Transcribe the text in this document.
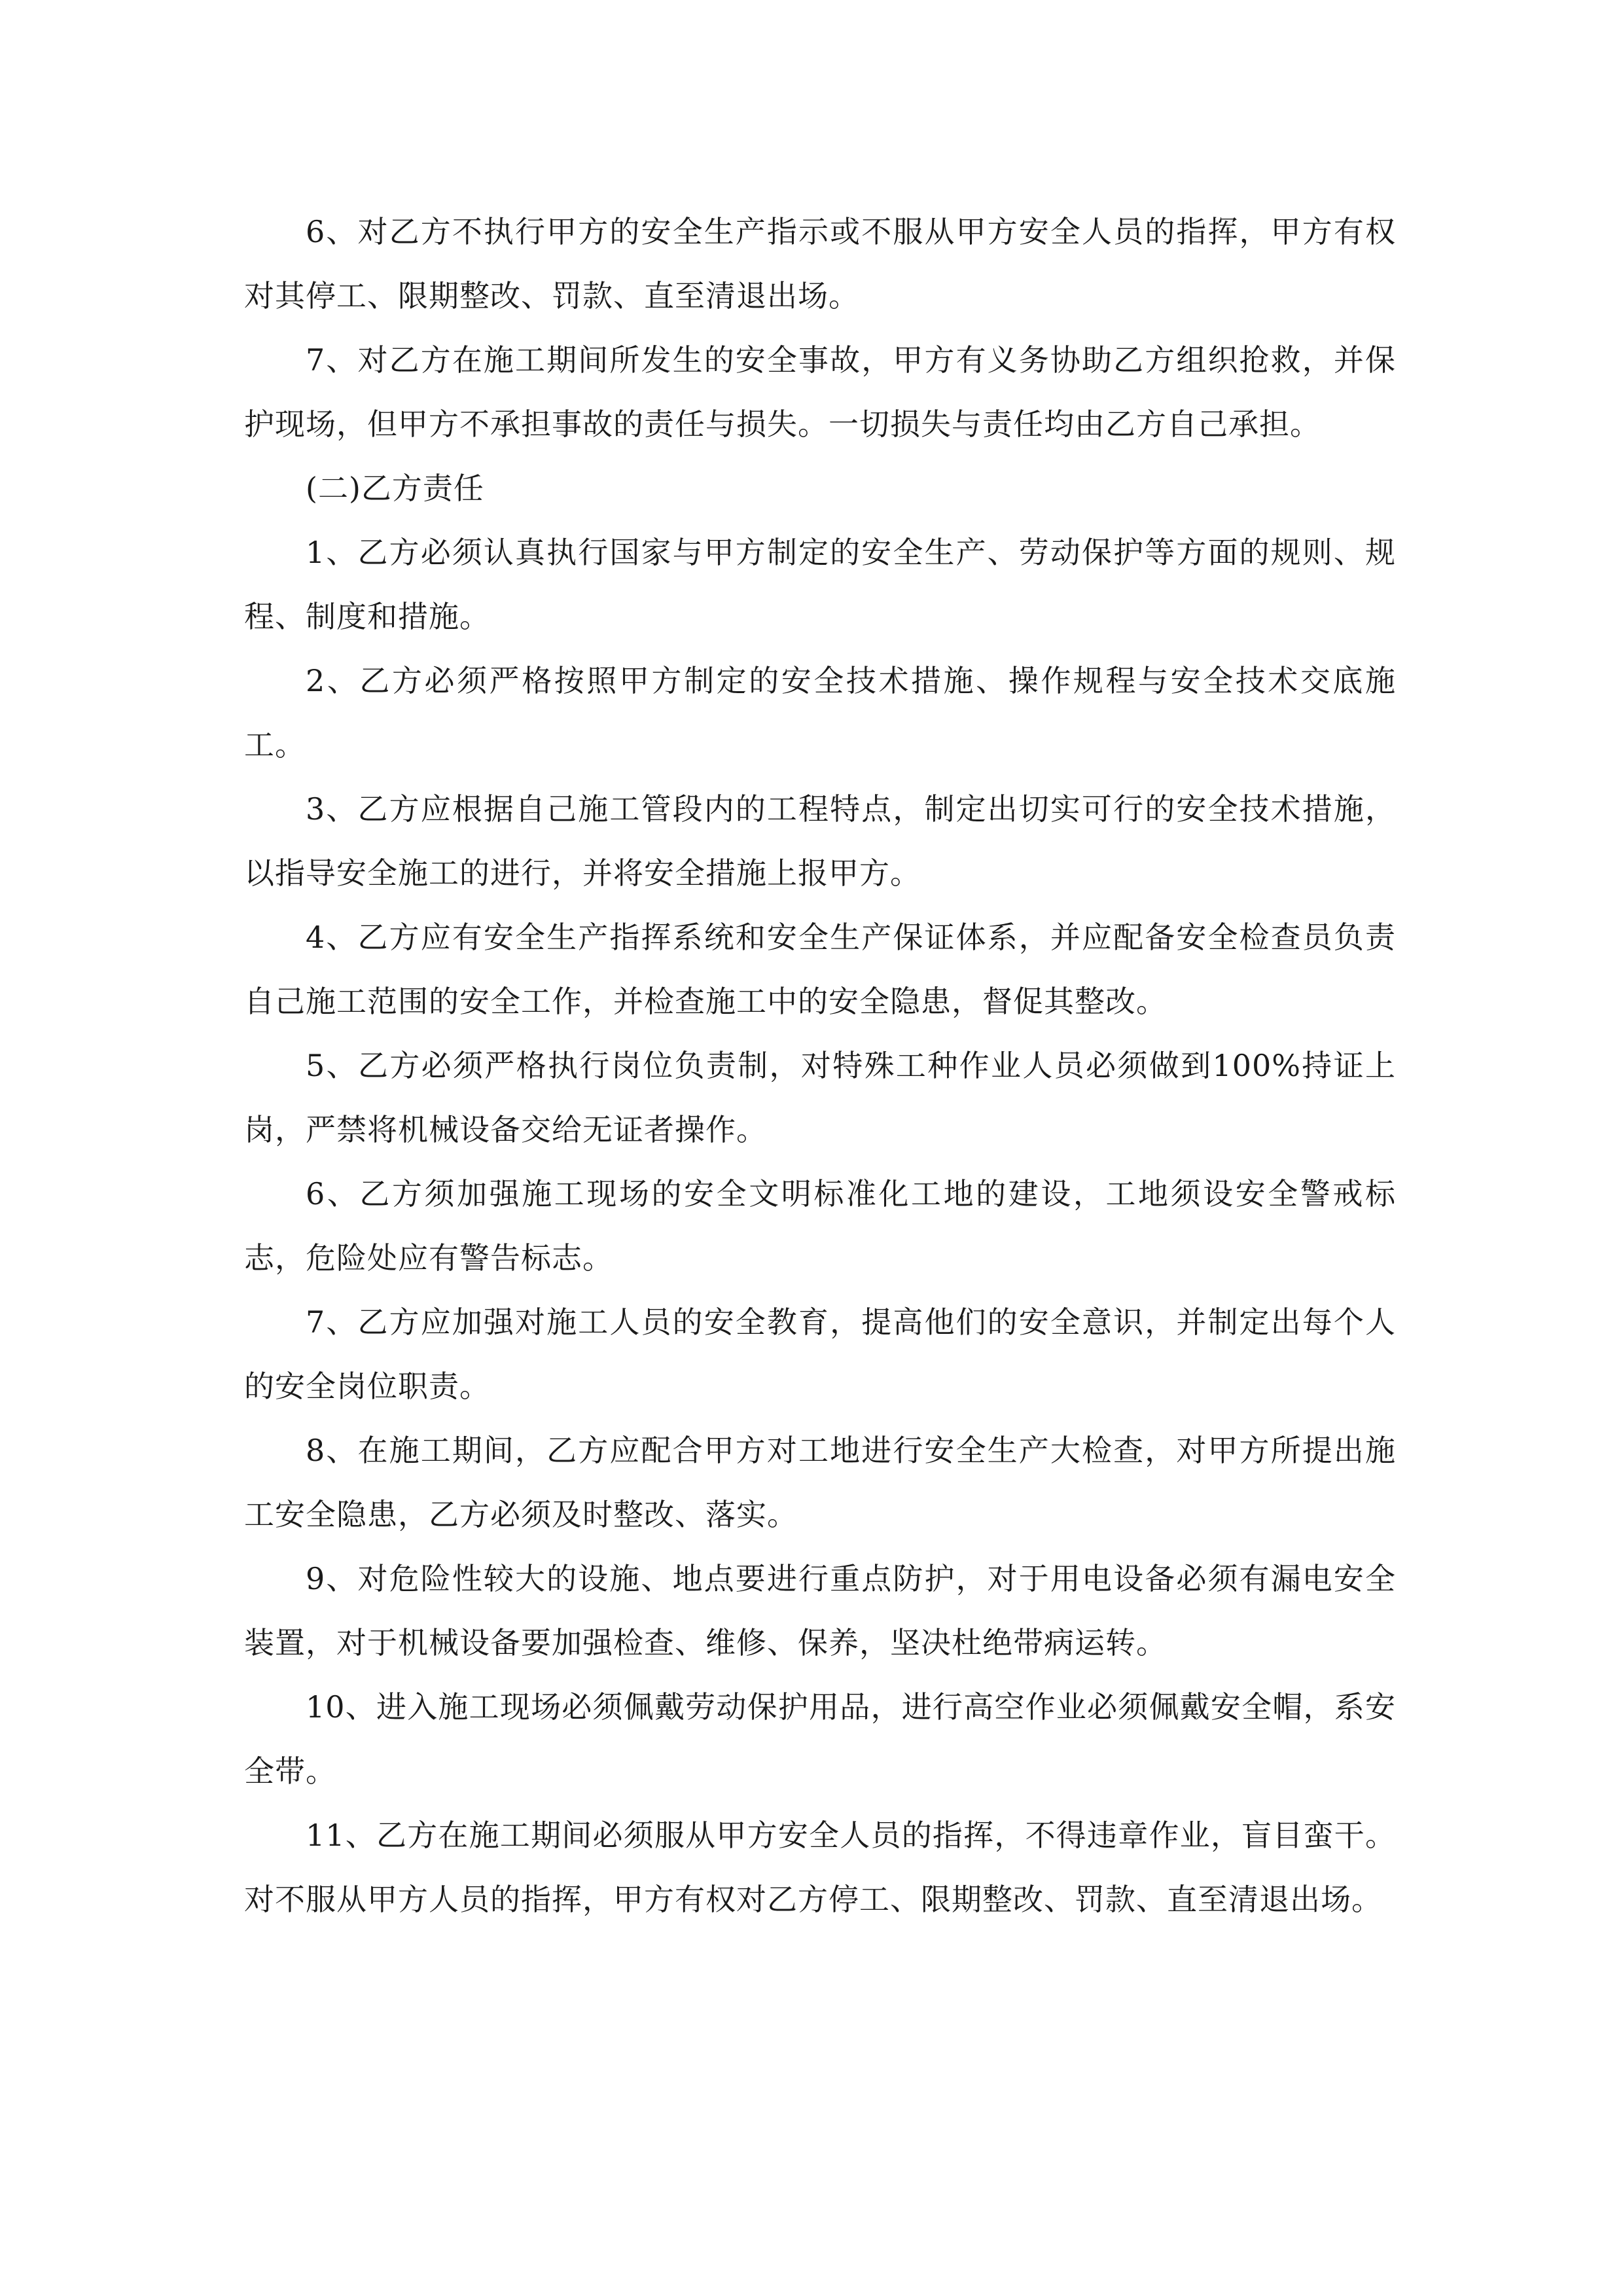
6、对乙方不执行甲方的安全生产指示或不服从甲方安全人员的指挥，甲方有权对其停工、限期整改、罚款、直至清退出场。

7、对乙方在施工期间所发生的安全事故，甲方有义务协助乙方组织抢救，并保护现场，但甲方不承担事故的责任与损失。一切损失与责任均由乙方自己承担。

(二)乙方责任

1、乙方必须认真执行国家与甲方制定的安全生产、劳动保护等方面的规则、规程、制度和措施。

2、乙方必须严格按照甲方制定的安全技术措施、操作规程与安全技术交底施工。

3、乙方应根据自己施工管段内的工程特点，制定出切实可行的安全技术措施，以指导安全施工的进行，并将安全措施上报甲方。

4、乙方应有安全生产指挥系统和安全生产保证体系，并应配备安全检查员负责自己施工范围的安全工作，并检查施工中的安全隐患，督促其整改。

5、乙方必须严格执行岗位负责制，对特殊工种作业人员必须做到100%持证上岗，严禁将机械设备交给无证者操作。

6、乙方须加强施工现场的安全文明标准化工地的建设，工地须设安全警戒标志，危险处应有警告标志。

7、乙方应加强对施工人员的安全教育，提高他们的安全意识，并制定出每个人的安全岗位职责。

8、在施工期间，乙方应配合甲方对工地进行安全生产大检查，对甲方所提出施工安全隐患，乙方必须及时整改、落实。

9、对危险性较大的设施、地点要进行重点防护，对于用电设备必须有漏电安全装置，对于机械设备要加强检查、维修、保养，坚决杜绝带病运转。

10、进入施工现场必须佩戴劳动保护用品，进行高空作业必须佩戴安全帽，系安全带。

11、乙方在施工期间必须服从甲方安全人员的指挥，不得违章作业，盲目蛮干。对不服从甲方人员的指挥，甲方有权对乙方停工、限期整改、罚款、直至清退出场。
